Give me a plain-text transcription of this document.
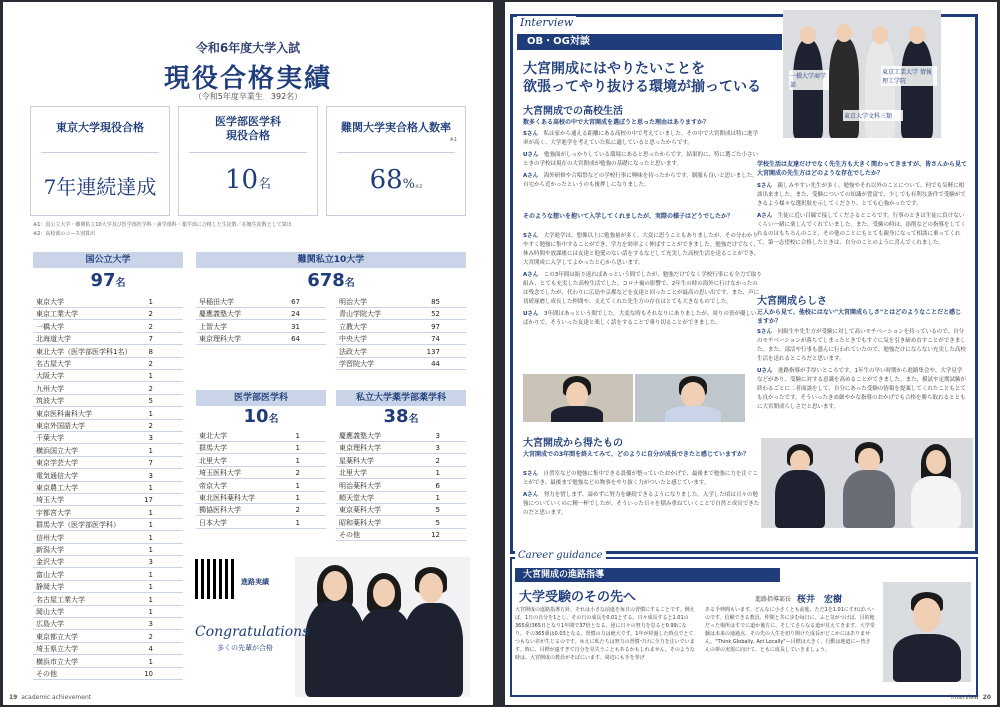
令和6年度大学入試
現役合格実績
（令和5年度卒業生　392名）
東京大学現役合格
7年連続達成
医学部医学科
現役合格
10名
難関大学実合格人数率
※1
68%※2
※1：国公立大学・難関私立10大学及び医学部医学科・歯学部科・薬学部に合格した生徒数／在籍生徒数として算出
※2：高校部のコース別算出
国公立大学
97名
東京大学	1
東京工業大学	2
一橋大学	2
北海道大学	7
東北大学（医学部医学科1名）	8
名古屋大学	2
大阪大学	1
九州大学	2
筑波大学	5
東京医科歯科大学	1
東京外国語大学	2
千葉大学	3
横浜国立大学	1
東京学芸大学	7
電気通信大学	3
東京農工大学	1
埼玉大学	17
宇都宮大学	1
群馬大学（医学部医学科）	1
信州大学	1
新潟大学	1
金沢大学	3
富山大学	1
静岡大学	1
名古屋工業大学	1
岡山大学	1
広島大学	3
東京都立大学	2
埼玉県立大学	4
横浜市立大学	1
その他	10
難関私立10大学
678名
早稲田大学	67
慶應義塾大学	24
上智大学	31
東京理科大学	64
明治大学	85
青山学院大学	52
立教大学	97
中央大学	74
法政大学	137
学習院大学	44
医学部医学科
10名
東北大学	1
群馬大学	1
北里大学	1
埼玉医科大学	2
帝京大学	1
東北医科薬科大学	1
獨協医科大学	2
日本大学	1
私立大学薬学部薬学科
38名
慶應義塾大学	3
東京理科大学	3
星薬科大学	2
北里大学	1
明治薬科大学	6
順天堂大学	1
東京薬科大学	5
昭和薬科大学	5
その他	12
進路実績
Congratulations
多くの先輩が合格
19 academic achievement
Interview
OB・OG対談
大宮開成にはやりたいことを
欲張ってやり抜ける環境が揃っている
一橋大学商学部
東京工業大学 情報理工学院
東京大学文科三類
大宮開成での高校生活
数多くある高校の中で大宮開成を選ぼうと思った理由はありますか？
Sさん　 私は家から通える距離にある高校の中で考えていました。その中で大宮開成は特に進学率が高く、大学進学を考えていた私に適していると思ったからです。
Uさん　 勉強面がしっかりしている環境にあると思ったからです。結果的に、特に選ごた小さいときの学校は現在の大宮開成が勉強の基礎になったと思います。
Aさん　 海外研修や合唱祭などの学校行事に興味を持ったからです。制服も良いと思いました。自宅から近かったというのも後押しになりました。
そのような想いを抱いて入学してくれましたが、実際の様子はどうでしたか？
Sさん　 大学進学は、想像以上に勉強量が多く、大変に思うこともありましたが、その分わかりやすく勉強に集中することができ、学力を効率よく伸ばすことができました。勉強だけでなく、休み時間や放課後には友達と他愛のない話をするなどして充実した高校生活を送ることができ、大宮開成に入学してよかったと心から思います。
Aさん　 この3年間は振り返ればあっという間でしたが、勉強だけでなく学校行事にも全力で取り組み、とても充実した高校生活でした。コロナ禍の影響で、2年生の時の海外に行けなかったのは残念でしたが、代わりに広島や京都などを友達と回ったことが最高の思い出です。また、声に切磋琢磨し成長した仲間や、支えてくれた先生方の存在はとても大きなものでした。
Uさん　 3年間はあっという間でした。大変な時もそれなりにありましたが、周りの皆が優しい人ばかりで、そういった友達と楽しく話をすることで乗り切ることができました。
大宮開成から得たもの
大宮開成での3年間を終えてみて、どのように自分が成長できたと感じていますか？
Sさん　 自習室などの勉強に集中できる設備が整っていたおかげで、最後まで勉強に力を注ぐことができ、最後まで勉強などの物事をやり抜く力がついたと感じています。
Aさん　 努力を惜しまず、諦めずに努力を継続できるようになりました。入学した頃は日々の勉強についていくのに精一杯でしたが、そういった日々を積み重ねていくことで自然と成長できたのだと思います。
学校生活は友達だけでなく先生方も大きく関わってきますが、皆さんから見て大宮開成の先生方はどのような存在でしたか？
Sさん　 親しみやすい先生が多く、勉強やそれ以外のことについて、何でも気軽に相談出来ました。また、受験についての知識が豊富で、少しでも有利な条件で受験ができるよう様々な選択肢を示してくださり、とても心強かったです。
Aさん　 生徒に近い目線で接してくださるところです。行事のときは生徒に負けないくらい一緒に楽しんでくれていました。また、受験の時は、添削などの指導をしてくれるのはもちろんのこと、その他のことにもとても親身になって相談に乗ってくれて、第一志望校に合格したときは、自分のことのように喜んでくれました。
大宮開成らしさ
三人から見て、他校にはない"大宮開成らしさ"とはどのようなことだと感じますか？
Sさん　 同級生や先生方が受験に対して高いモチベーションを持っているので、自分のモチベーションが落ちてしまったときでもすぐに気を引き締め直すことができました。また、部活や行事も盛んに行われていたので、勉強だけにならない充実した高校生活を送れるところだと思います。
Uさん　 進路指導が手厚いところです。1年生の早い時期から進路集会や、大学見学などがあり、受験に対する意識を高めることができました。また、模試や定期試験が終わるごとに二者面談をして、自分にあった受験の情報を提案してくれたこともとても良かったです。そういったきめ細やかな指導のおかげでも合格を勝ち取れるとともに大宮開成らしさだと思います。
Career guidance
大宮開成の進路指導
大学受験のその先へ
大宮開成の進路指導方針、それは小さな前進を毎日の習慣にすることです。例えば、1日の自分を1とし、その日の成長を0.01とする。日々成長すると1.01の365乗(365日となり1年間で37倍となる。逆に日々の努力を怠ると0.99になり、その365乗は0.03となる。習慣の力は絶大です。1年が経過した時点でとてつもない差が生じるのです。ゆえに私たちは努力の習慣づけに全力を注いでいます。時に、目標が遠すぎて自分を見失うこともあるかもしれません。そのような時は、大宮開成の教員がそばにいます。周辺にも手を挙げ
進路指導部長 桜井　宏樹
ある手伸間もいます。どんなに小さくとも前進、ただ1を1.01にすればいいのです。信頼できる教員、仲間と共に歩む毎日に、ふと気がつけば、目的地だった場所はすでに道か後方に、そしてさらなる道が見えてきます。大学受験は未来の通過点、その先の人生を切り開けた成長がどこかにはありません。"Think Globally, Act Locally"ー目標は大きく、行動は地道にー皆さんの夢の実現に向けて、ともに成長していきましょう。
interview 20
